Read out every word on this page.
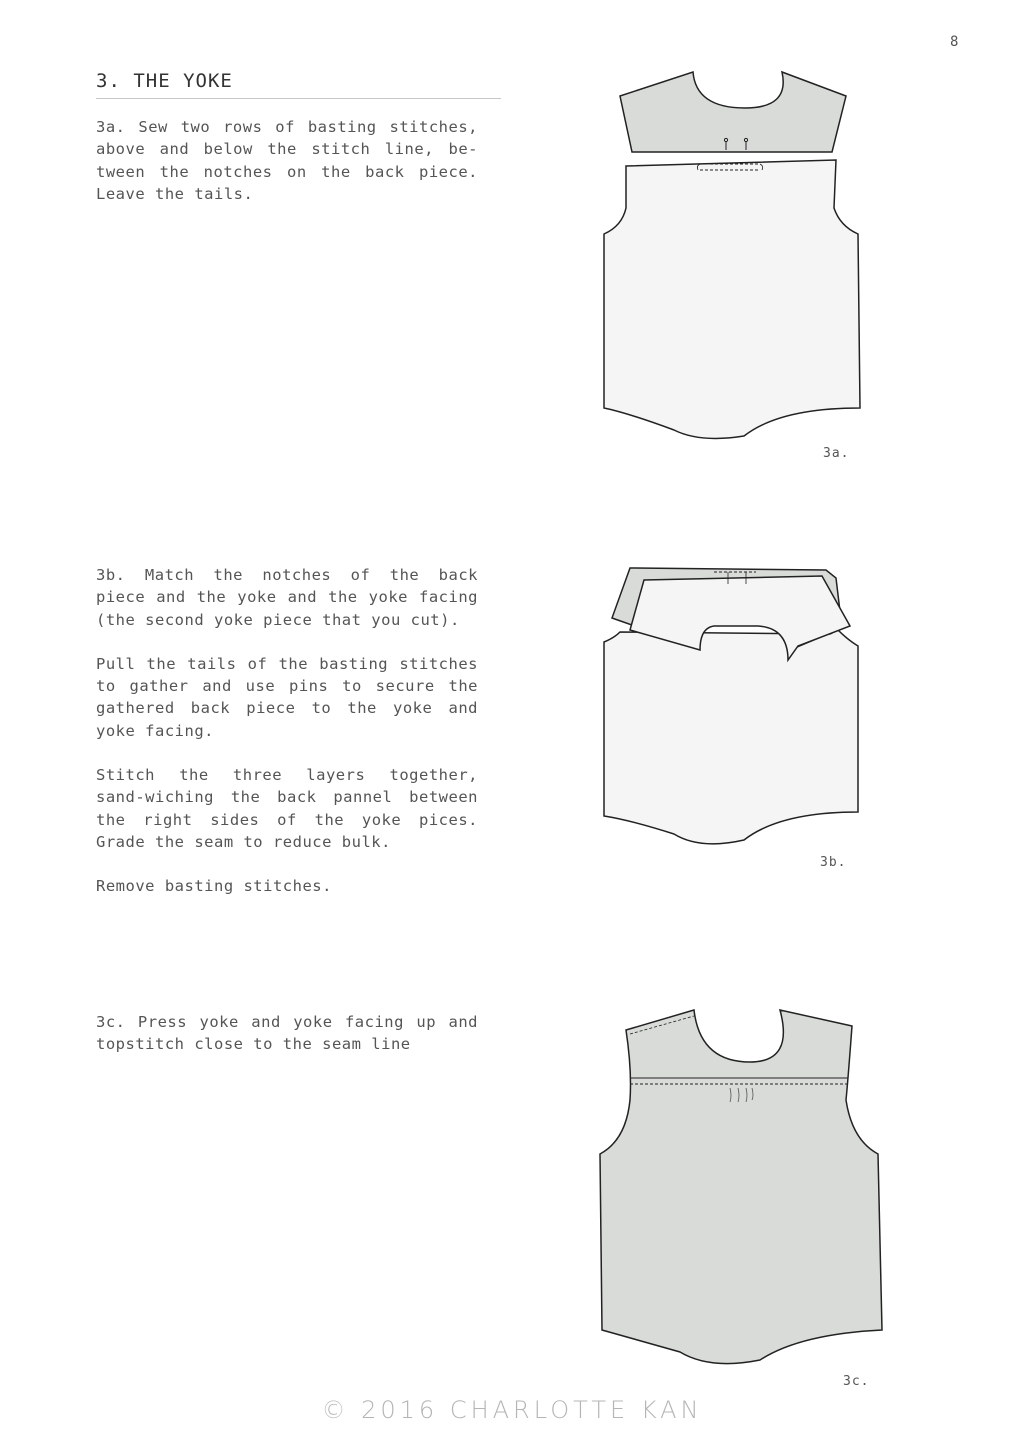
8
3. THE YOKE

3a. Sew two rows of basting stitches, above and below the stitch line, be-tween the notches on the back piece. Leave the tails.

3a.

3b. Match the notches of the back piece and the yoke and the yoke facing (the second yoke piece that you cut).

Pull the tails of the basting stitches to gather and use pins to secure the gathered back piece to the yoke and yoke facing.

Stitch the three layers together, sand-wiching the back pannel between the right sides of the yoke pices. Grade the seam to reduce bulk.

Remove basting stitches.

3b.

3c. Press yoke and yoke facing up and topstitch close to the seam line

3c.
© 2016 CHARLOTTE KAN
